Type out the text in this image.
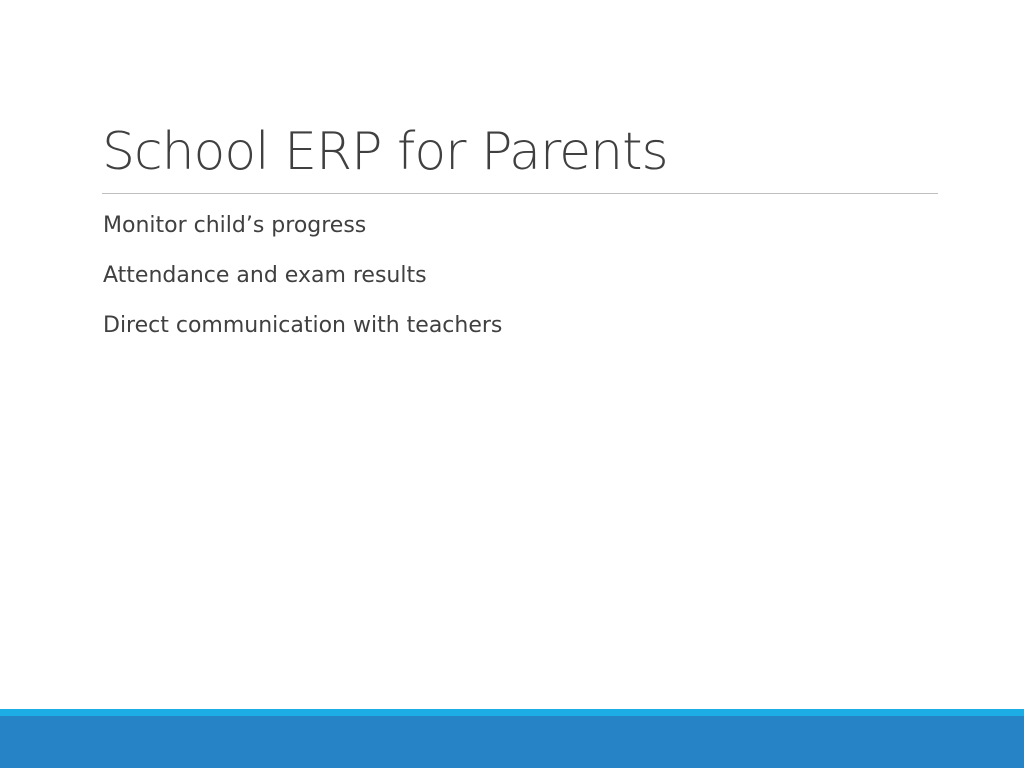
School ERP for Parents
Monitor child’s progress
Attendance and exam results
Direct communication with teachers
